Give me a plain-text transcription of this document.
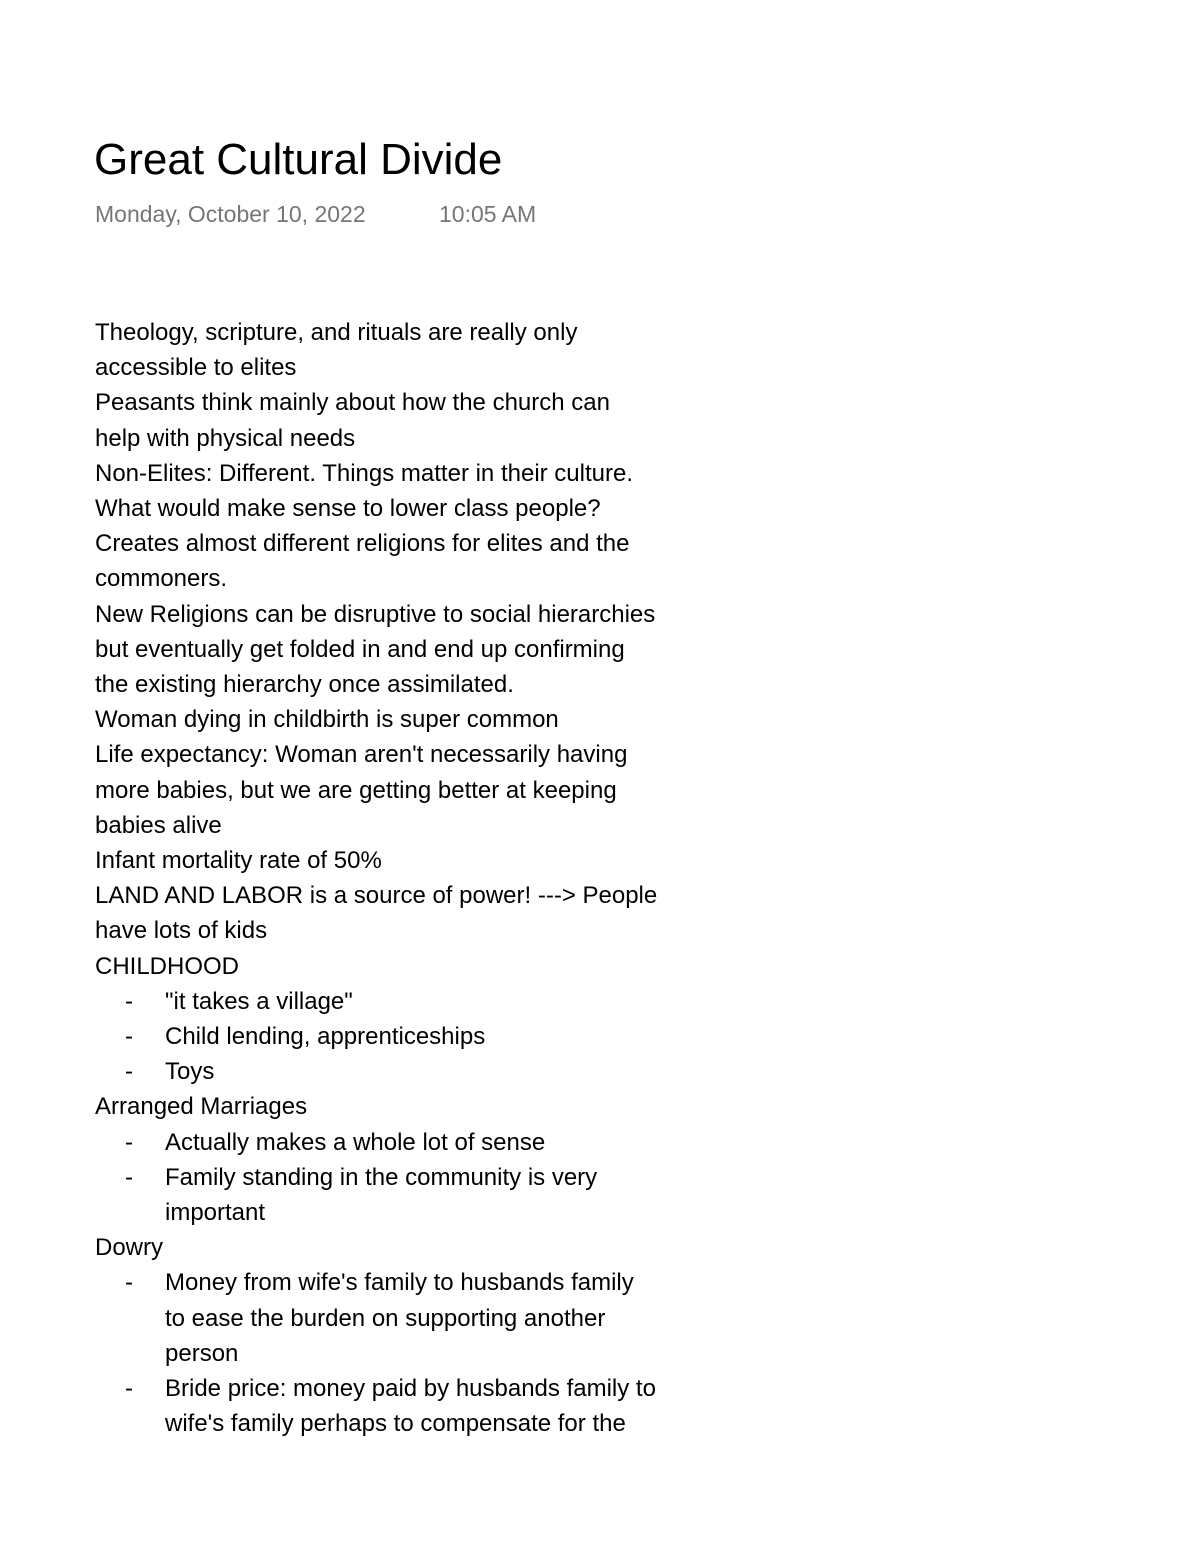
Great Cultural Divide
Monday, October 10, 2022	10:05 AM
Theology, scripture, and rituals are really only
accessible to elites
Peasants think mainly about how the church can
help with physical needs
Non-Elites: Different. Things matter in their culture.
What would make sense to lower class people?
Creates almost different religions for elites and the
commoners.
New Religions can be disruptive to social hierarchies
but eventually get folded in and end up confirming
the existing hierarchy once assimilated.
Woman dying in childbirth is super common
Life expectancy: Woman aren't necessarily having
more babies, but we are getting better at keeping
babies alive
Infant mortality rate of 50%
LAND AND LABOR is a source of power! ---> People
have lots of kids
CHILDHOOD
- "it takes a village"
- Child lending, apprenticeships
- Toys
Arranged Marriages
- Actually makes a whole lot of sense
- Family standing in the community is very
important
Dowry
- Money from wife's family to husbands family
to ease the burden on supporting another
person
- Bride price: money paid by husbands family to
wife's family perhaps to compensate for the
